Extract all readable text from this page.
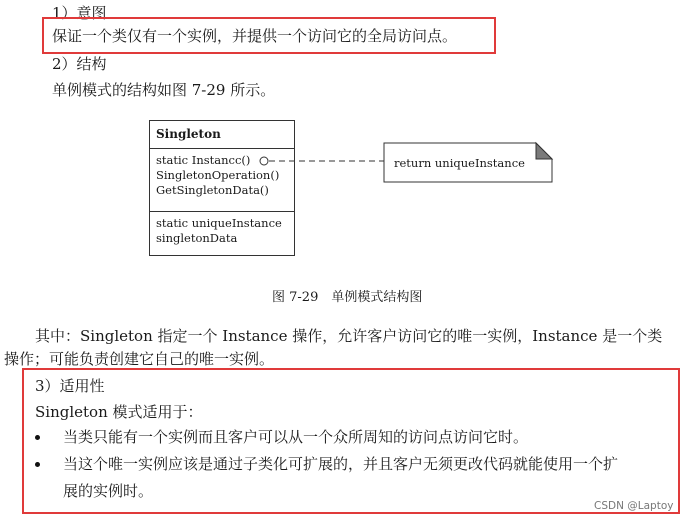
1）意图
保证一个类仅有一个实例，并提供一个访问它的全局访问点。
2）结构
单例模式的结构如图 7-29 所示。
Singleton
static Instancc()
SingletonOperation()
GetSingletonData()
static uniqueInstance
singletonData
return uniqueInstance
图 7-29　单例模式结构图
其中：Singleton 指定一个 Instance 操作，允许客户访问它的唯一实例，Instance 是一个类
操作；可能负责创建它自己的唯一实例。
3）适用性
Singleton 模式适用于：
当类只能有一个实例而且客户可以从一个众所周知的访问点访问它时。
当这个唯一实例应该是通过子类化可扩展的，并且客户无须更改代码就能使用一个扩
展的实例时。
CSDN @Laptoy
